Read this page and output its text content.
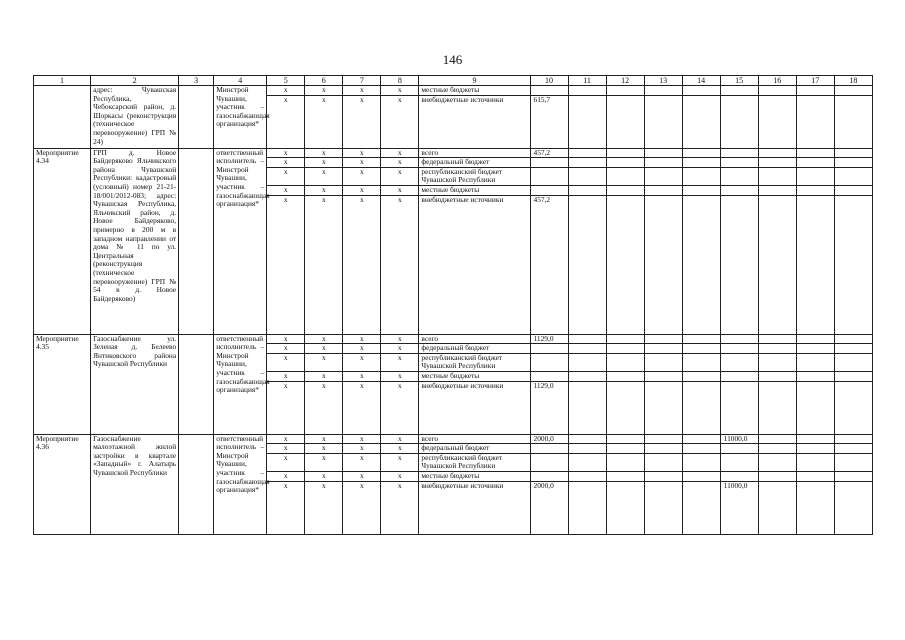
146
1	2	3	4	5	6	7	8	9	10	11	12	13	14	15	16	17	18
	адрес: Чувашская Республика, Чебоксарский район, д. Шоркасы (реконструкция (техническое перевооружение) ГРП № 24)		Минстрой Чувашии, участник – газоснабжающая организация*	x	x	x	x	местные бюджеты									
				x	x	x	x	внебюджетные источники	615,7								
Мероприятие 4.34	ГРП д. Новое Байдеряково Яльчикского района Чувашской Республики: кадастровый (условный) номер 21-21-18/001/2012-083; адрес: Чувашская Республика, Яльчикский район, д. Новое Байдеряково, примерно в 200 м в западном направлении от дома № 11 по ул. Центральная (реконструкция (техническое перевооружение) ГРП № 54 в д. Новое Байдеряково)		ответственный исполнитель – Минстрой Чувашии, участник – газоснабжающая организация*	x	x	x	x	всего	457,2								
				x	x	x	x	федеральный бюджет									
				x	x	x	x	республиканский бюджет Чувашской Республики									
				x	x	x	x	местные бюджеты									
				x	x	x	x	внебюджетные источники	457,2								
Мероприятие 4.35	Газоснабжение ул. Зеленая д. Белеево Янтиковского района Чувашской Республики		ответственный исполнитель – Минстрой Чувашии, участник – газоснабжающая организация*	x	x	x	x	всего	1129,0								
				x	x	x	x	федеральный бюджет									
				x	x	x	x	республиканский бюджет Чувашской Республики									
				x	x	x	x	местные бюджеты									
				x	x	x	x	внебюджетные источники	1129,0								
Мероприятие 4.36	Газоснабжение малоэтажной жилой застройки в квартале «Западный» г. Алатырь Чувашской Республики		ответственный исполнитель – Минстрой Чувашии, участник – газоснабжающая организация*	x	x	x	x	всего	2000,0					11000,0			
				x	x	x	x	федеральный бюджет									
				x	x	x	x	республиканский бюджет Чувашской Республики									
				x	x	x	x	местные бюджеты									
				x	x	x	x	внебюджетные источники	2000,0					11000,0			
